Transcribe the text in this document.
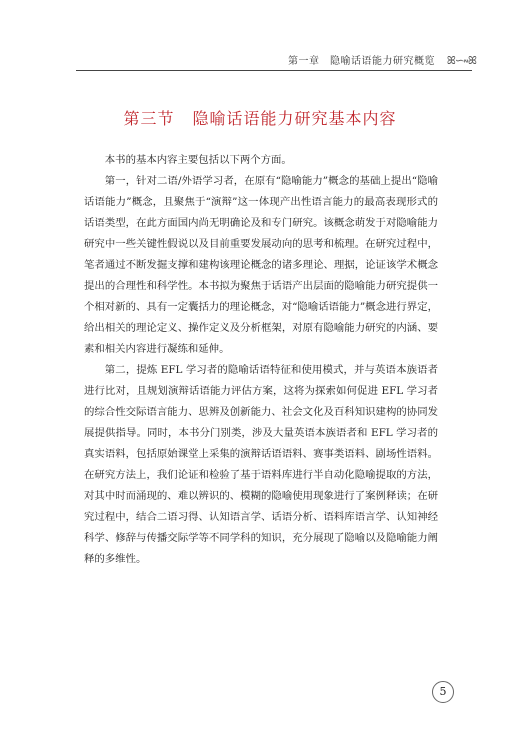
第一章　隐喻话语能力研究概览 ꕤ∽∾ꕤ
第三节 隐喻话语能力研究基本内容

本书的基本内容主要包括以下两个方面。

第一，针对二语/外语学习者，在原有“隐喻能力”概念的基础上提出“隐喻话语能力”概念，且聚焦于“演辩”这一体现产出性语言能力的最高表现形式的话语类型，在此方面国内尚无明确论及和专门研究。该概念萌发于对隐喻能力研究中一些关键性假说以及目前重要发展动向的思考和梳理。在研究过程中，笔者通过不断发掘支撑和建构该理论概念的诸多理论、理据，论证该学术概念提出的合理性和科学性。本书拟为聚焦于话语产出层面的隐喻能力研究提供一个相对新的、具有一定囊括力的理论概念，对“隐喻话语能力”概念进行界定，给出相关的理论定义、操作定义及分析框架，对原有隐喻能力研究的内涵、要素和相关内容进行凝练和延伸。

第二，提炼 EFL 学习者的隐喻话语特征和使用模式，并与英语本族语者进行比对，且规划演辩话语能力评估方案，这将为探索如何促进 EFL 学习者的综合性交际语言能力、思辨及创新能力、社会文化及百科知识建构的协同发展提供指导。同时，本书分门别类，涉及大量英语本族语者和 EFL 学习者的真实语料，包括原始课堂上采集的演辩话语语料、赛事类语料、剧场性语料。在研究方法上，我们论证和检验了基于语料库进行半自动化隐喻提取的方法，对其中时而涌现的、难以辨识的、模糊的隐喻使用现象进行了案例释读；在研究过程中，结合二语习得、认知语言学、话语分析、语料库语言学、认知神经科学、修辞与传播交际学等不同学科的知识，充分展现了隐喻以及隐喻能力阐释的多维性。

5
